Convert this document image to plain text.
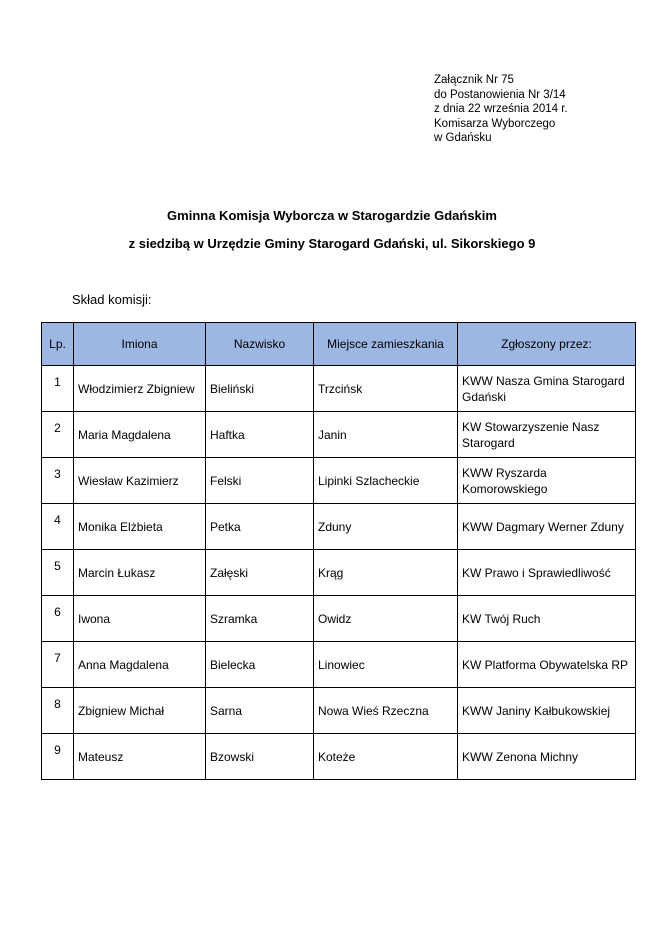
Załącznik Nr 75
do Postanowienia Nr 3/14
z dnia 22 września 2014 r.
Komisarza Wyborczego
w Gdańsku
Gminna Komisja Wyborcza w Starogardzie Gdańskim
z siedzibą w Urzędzie Gminy Starogard Gdański, ul. Sikorskiego 9
Skład komisji:
Lp.	Imiona	Nazwisko	Miejsce zamieszkania	Zgłoszony przez:
1	Włodzimierz Zbigniew	Bieliński	Trzcińsk	KWW Nasza Gmina Starogard Gdański
2	Maria Magdalena	Haftka	Janin	KW Stowarzyszenie Nasz Starogard
3	Wiesław Kazimierz	Felski	Lipinki Szlacheckie	KWW Ryszarda Komorowskiego
4	Monika Elżbieta	Petka	Zduny	KWW Dagmary Werner Zduny
5	Marcin Łukasz	Załęski	Krąg	KW Prawo i Sprawiedliwość
6	Iwona	Szramka	Owidz	KW Twój Ruch
7	Anna Magdalena	Bielecka	Linowiec	KW Platforma Obywatelska RP
8	Zbigniew Michał	Sarna	Nowa Wieś Rzeczna	KWW Janiny Kałbukowskiej
9	Mateusz	Bzowski	Koteże	KWW Zenona Michny
